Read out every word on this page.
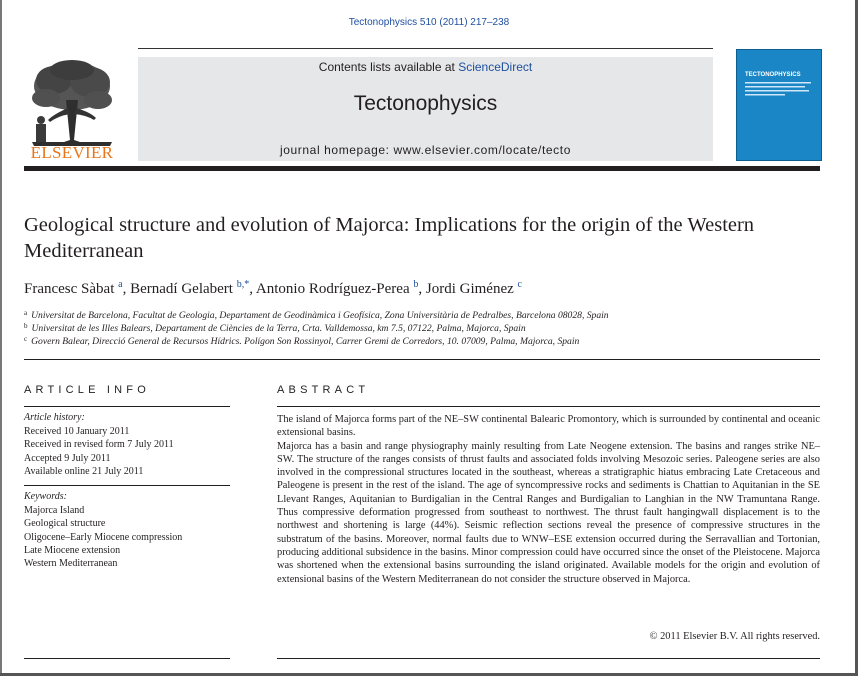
Tectonophysics 510 (2011) 217–238
ELSEVIER
Contents lists available at ScienceDirect
Tectonophysics
journal homepage: www.elsevier.com/locate/tecto
TECTONOPHYSICS
Geological structure and evolution of Majorca: Implications for the origin of the Western Mediterranean
Francesc Sàbat $^a$, Bernadí Gelabert $^{b,*}$, Antonio Rodríguez-Perea $^b$, Jordi Giménez $^c$
$^a$ Universitat de Barcelona, Facultat de Geologia, Departament de Geodinàmica i Geofísica, Zona Universitària de Pedralbes, Barcelona 08028, Spain
$^b$ Universitat de les Illes Balears, Departament de Ciències de la Terra, Crta. Valldemossa, km 7.5, 07122, Palma, Majorca, Spain
$^c$ Govern Balear, Direcció General de Recursos Hídrics. Polígon Son Rossinyol, Carrer Gremi de Corredors, 10. 07009, Palma, Majorca, Spain
ARTICLE INFO	ABSTRACT
Article history:
Received 10 January 2011
Received in revised form 7 July 2011
Accepted 9 July 2011
Available online 21 July 2011
Keywords:
Majorca Island
Geological structure
Oligocene–Early Miocene compression
Late Miocene extension
Western Mediterranean

The island of Majorca forms part of the NE–SW continental Balearic Promontory, which is surrounded by continental and oceanic extensional basins.

Majorca has a basin and range physiography mainly resulting from Late Neogene extension. The basins and ranges strike NE–SW. The structure of the ranges consists of thrust faults and associated folds involving Mesozoic series. Paleogene series are also involved in the compressional structures located in the southeast, whereas a stratigraphic hiatus embracing Late Cretaceous and Paleogene is present in the rest of the island. The age of syncompressive rocks and sediments is Chattian to Aquitanian in the SE Llevant Ranges, Aquitanian to Burdigalian in the Central Ranges and Burdigalian to Langhian in the NW Tramuntana Range. Thus compressive deformation progressed from southeast to northwest. The thrust fault hangingwall displacement is to the northwest and shortening is large (44%). Seismic reflection sections reveal the presence of compressive structures in the substratum of the basins. Moreover, normal faults due to WNW–ESE extension occurred during the Serravallian and Tortonian, producing additional subsidence in the basins. Minor compression could have occurred since the onset of the Pleistocene. Majorca was shortened when the extensional basins surrounding the island originated. Available models for the origin and evolution of extensional basins of the Western Mediterranean do not consider the structure observed in Majorca.

© 2011 Elsevier B.V. All rights reserved.
